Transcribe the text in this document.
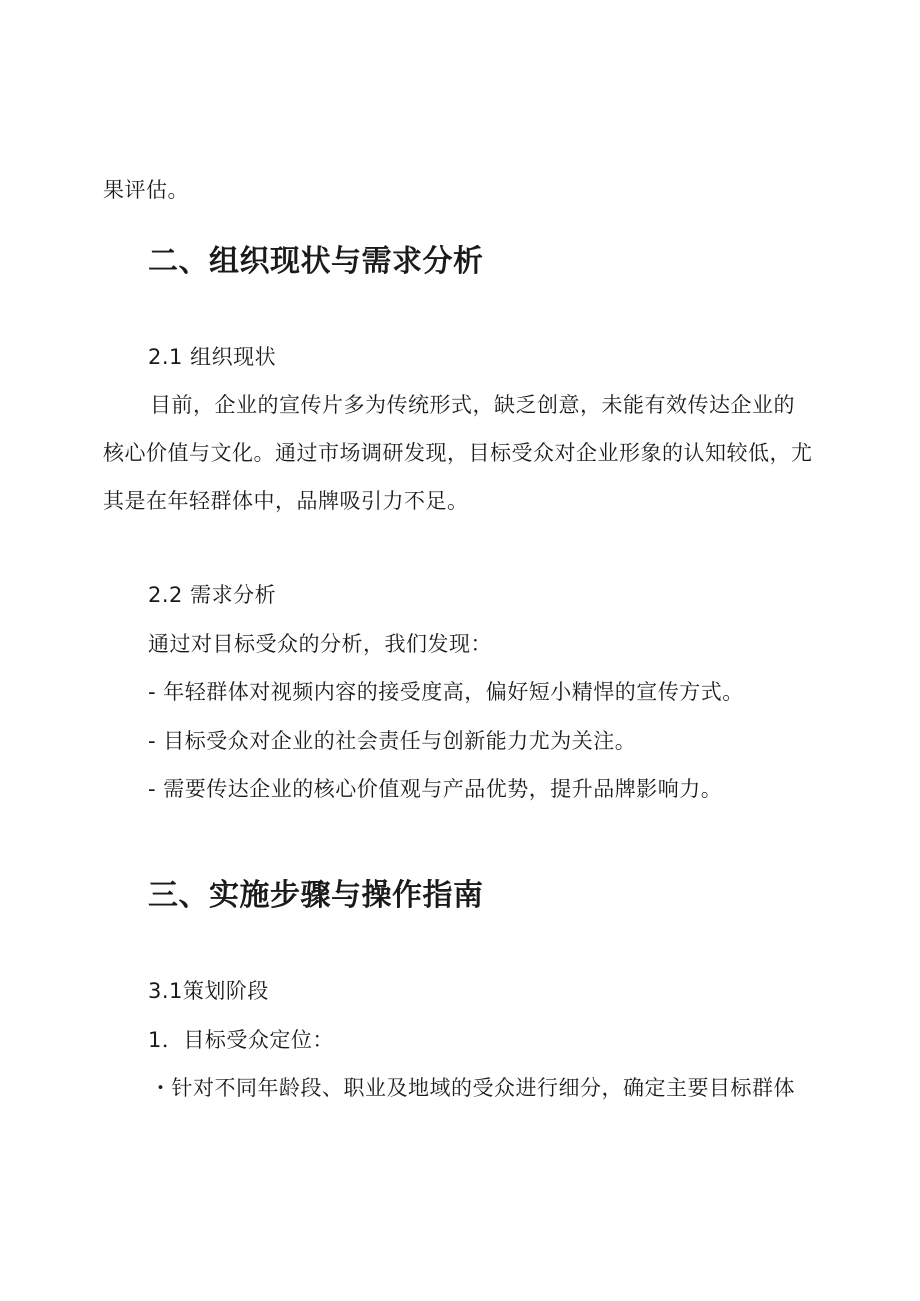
果评估。
二、组织现状与需求分析
2.1 组织现状
目前，企业的宣传片多为传统形式，缺乏创意，未能有效传达企业的
核心价值与文化。通过市场调研发现，目标受众对企业形象的认知较低，尤
其是在年轻群体中，品牌吸引力不足。
2.2 需求分析
通过对目标受众的分析，我们发现：
- 年轻群体对视频内容的接受度高，偏好短小精悍的宣传方式。
- 目标受众对企业的社会责任与创新能力尤为关注。
- 需要传达企业的核心价值观与产品优势，提升品牌影响力。
三、实施步骤与操作指南
3.1策划阶段
1．目标受众定位：
・针对不同年龄段、职业及地域的受众进行细分，确定主要目标群体
